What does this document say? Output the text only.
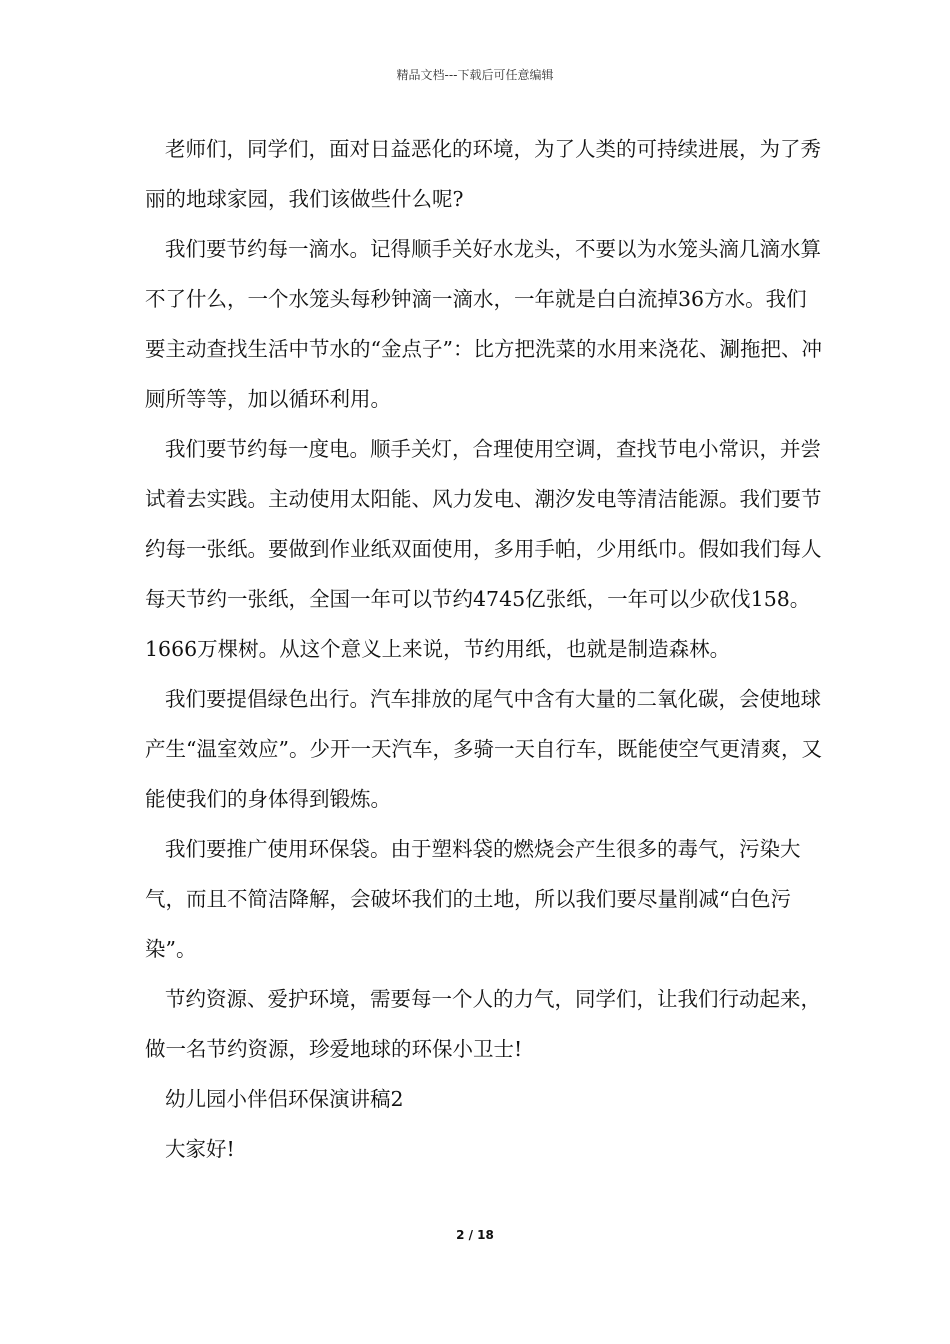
精品文档---下载后可任意编辑

老师们，同学们，面对日益恶化的环境，为了人类的可持续进展，为了秀丽的地球家园，我们该做些什么呢?

我们要节约每一滴水。记得顺手关好水龙头，不要以为水笼头滴几滴水算不了什么，一个水笼头每秒钟滴一滴水，一年就是白白流掉36方水。我们要主动查找生活中节水的“金点子”：比方把洗菜的水用来浇花、涮拖把、冲厕所等等，加以循环利用。

我们要节约每一度电。顺手关灯，合理使用空调，查找节电小常识，并尝试着去实践。主动使用太阳能、风力发电、潮汐发电等清洁能源。我们要节约每一张纸。要做到作业纸双面使用，多用手帕，少用纸巾。假如我们每人每天节约一张纸，全国一年可以节约4745亿张纸，一年可以少砍伐158。1666万棵树。从这个意义上来说，节约用纸，也就是制造森林。

我们要提倡绿色出行。汽车排放的尾气中含有大量的二氧化碳，会使地球产生“温室效应”。少开一天汽车，多骑一天自行车，既能使空气更清爽，又能使我们的身体得到锻炼。

我们要推广使用环保袋。由于塑料袋的燃烧会产生很多的毒气，污染大气，而且不简洁降解，会破坏我们的土地，所以我们要尽量削减“白色污染”。

节约资源、爱护环境，需要每一个人的力气，同学们，让我们行动起来，做一名节约资源，珍爱地球的环保小卫士!

幼儿园小伴侣环保演讲稿2

大家好!

2 / 18
